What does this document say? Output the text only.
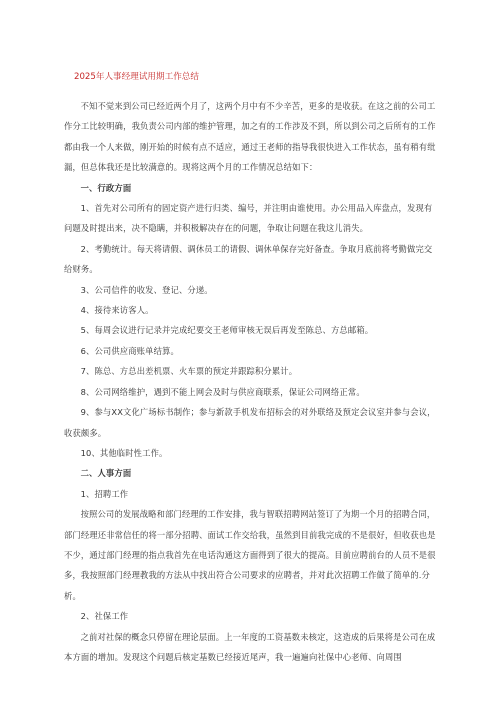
2025年人事经理试用期工作总结

不知不觉来到公司已经近两个月了，这两个月中有不少辛苦，更多的是收获。在这之前的公司工作分工比较明确，我负责公司内部的维护管理，加之有的工作涉及不到，所以到公司之后所有的工作都由我一个人来做，刚开始的时候有点不适应，通过王老师的指导我很快进入工作状态，虽有稍有纰漏，但总体我还是比较满意的。现将这两个月的工作情况总结如下：

一、行政方面

1、首先对公司所有的固定资产进行归类、编号，并注明由谁使用。办公用品入库盘点，发现有问题及时提出来，决不隐瞒，并积极解决存在的问题，争取让问题在我这儿消失。

2、考勤统计。每天将请假、调休员工的请假、调休单保存完好备查。争取月底前将考勤做完交给财务。

3、公司信件的收发、登记、分递。

4、接待来访客人。

5、每周会议进行记录并完成纪要交王老师审核无误后再发至陈总、方总邮箱。

6、公司供应商账单结算。

7、陈总、方总出差机票、火车票的预定并跟踪积分累计。

8、公司网络维护，遇到不能上网会及时与供应商联系，保证公司网络正常。

9、参与XX文化广场标书制作；参与新款手机发布招标会的对外联络及预定会议室并参与会议，收获颇多。

10、其他临时性工作。

二、人事方面

1、招聘工作

按照公司的发展战略和部门经理的工作安排，我与智联招聘网站签订了为期一个月的招聘合同，部门经理还非常信任的将一部分招聘、面试工作交给我，虽然到目前我完成的不是很好，但收获也是不少，通过部门经理的指点我首先在电话沟通这方面得到了很大的提高。目前应聘前台的人员不是很多，我按照部门经理教我的方法从中找出符合公司要求的应聘者，并对此次招聘工作做了简单的.分析。

2、社保工作

之前对社保的概念只停留在理论层面。上一年度的工资基数未核定，这造成的后果将是公司在成本方面的增加。发现这个问题后核定基数已经接近尾声，我一遍遍向社保中心老师、向周围
